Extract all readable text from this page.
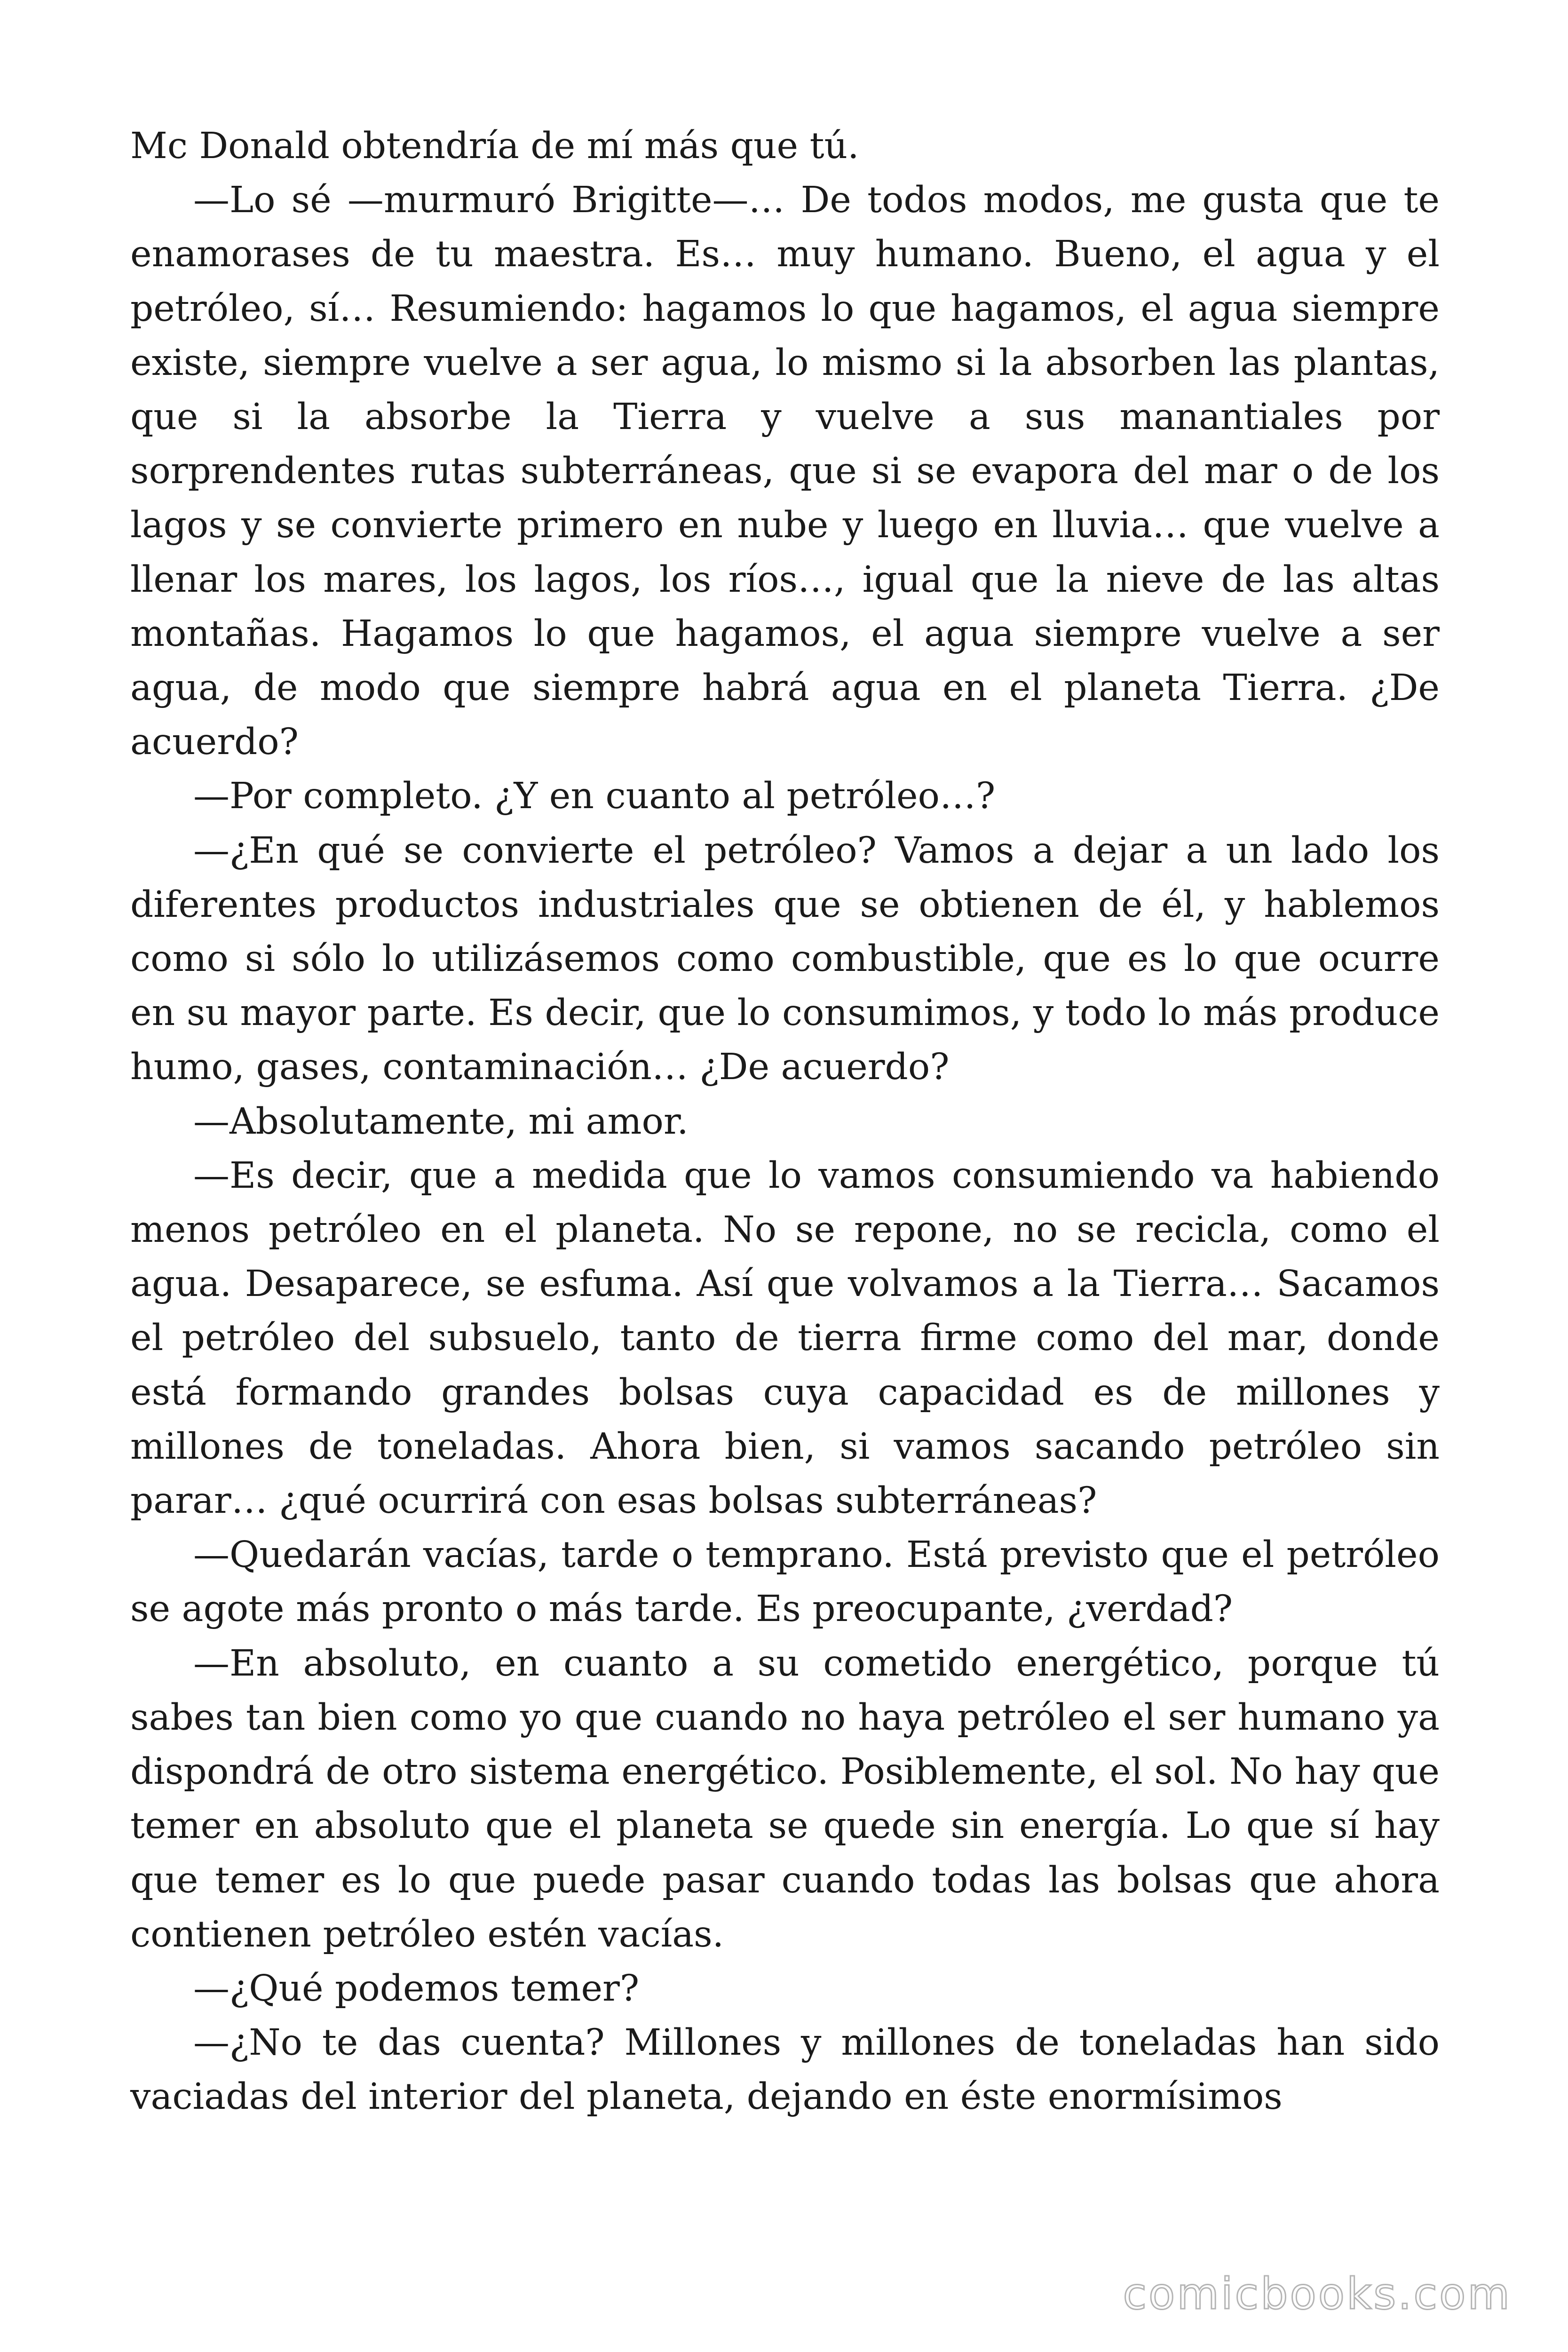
Mc Donald obtendría de mí más que tú.

—Lo sé —murmuró Brigitte—… De todos modos, me gusta que te enamorases de tu maestra. Es… muy humano. Bueno, el agua y el petróleo, sí… Resumiendo: hagamos lo que hagamos, el agua siempre existe, siempre vuelve a ser agua, lo mismo si la absorben las plantas, que si la absorbe la Tierra y vuelve a sus manantiales por sorprendentes rutas subterráneas, que si se evapora del mar o de los lagos y se convierte primero en nube y luego en lluvia… que vuelve a llenar los mares, los lagos, los ríos…, igual que la nieve de las altas montañas. Hagamos lo que hagamos, el agua siempre vuelve a ser agua, de modo que siempre habrá agua en el planeta Tierra. ¿De acuerdo?

—Por completo. ¿Y en cuanto al petróleo…?

—¿En qué se convierte el petróleo? Vamos a dejar a un lado los diferentes productos industriales que se obtienen de él, y hablemos como si sólo lo utilizásemos como combustible, que es lo que ocurre en su mayor parte. Es decir, que lo consumimos, y todo lo más produce humo, gases, contaminación… ¿De acuerdo?

—Absolutamente, mi amor.

—Es decir, que a medida que lo vamos consumiendo va habiendo menos petróleo en el planeta. No se repone, no se recicla, como el agua. Desaparece, se esfuma. Así que volvamos a la Tierra… Sacamos el petróleo del subsuelo, tanto de tierra firme como del mar, donde está formando grandes bolsas cuya capacidad es de millones y millones de toneladas. Ahora bien, si vamos sacando petróleo sin parar… ¿qué ocurrirá con esas bolsas subterráneas?

—Quedarán vacías, tarde o temprano. Está previsto que el petróleo se agote más pronto o más tarde. Es preocupante, ¿verdad?

—En absoluto, en cuanto a su cometido energético, porque tú sabes tan bien como yo que cuando no haya petróleo el ser humano ya dispondrá de otro sistema energético. Posiblemente, el sol. No hay que temer en absoluto que el planeta se quede sin energía. Lo que sí hay que temer es lo que puede pasar cuando todas las bolsas que ahora contienen petróleo estén vacías.

—¿Qué podemos temer?

—¿No te das cuenta? Millones y millones de toneladas han sido vaciadas del interior del planeta, dejando en éste enormísimos

comicbooks.com
